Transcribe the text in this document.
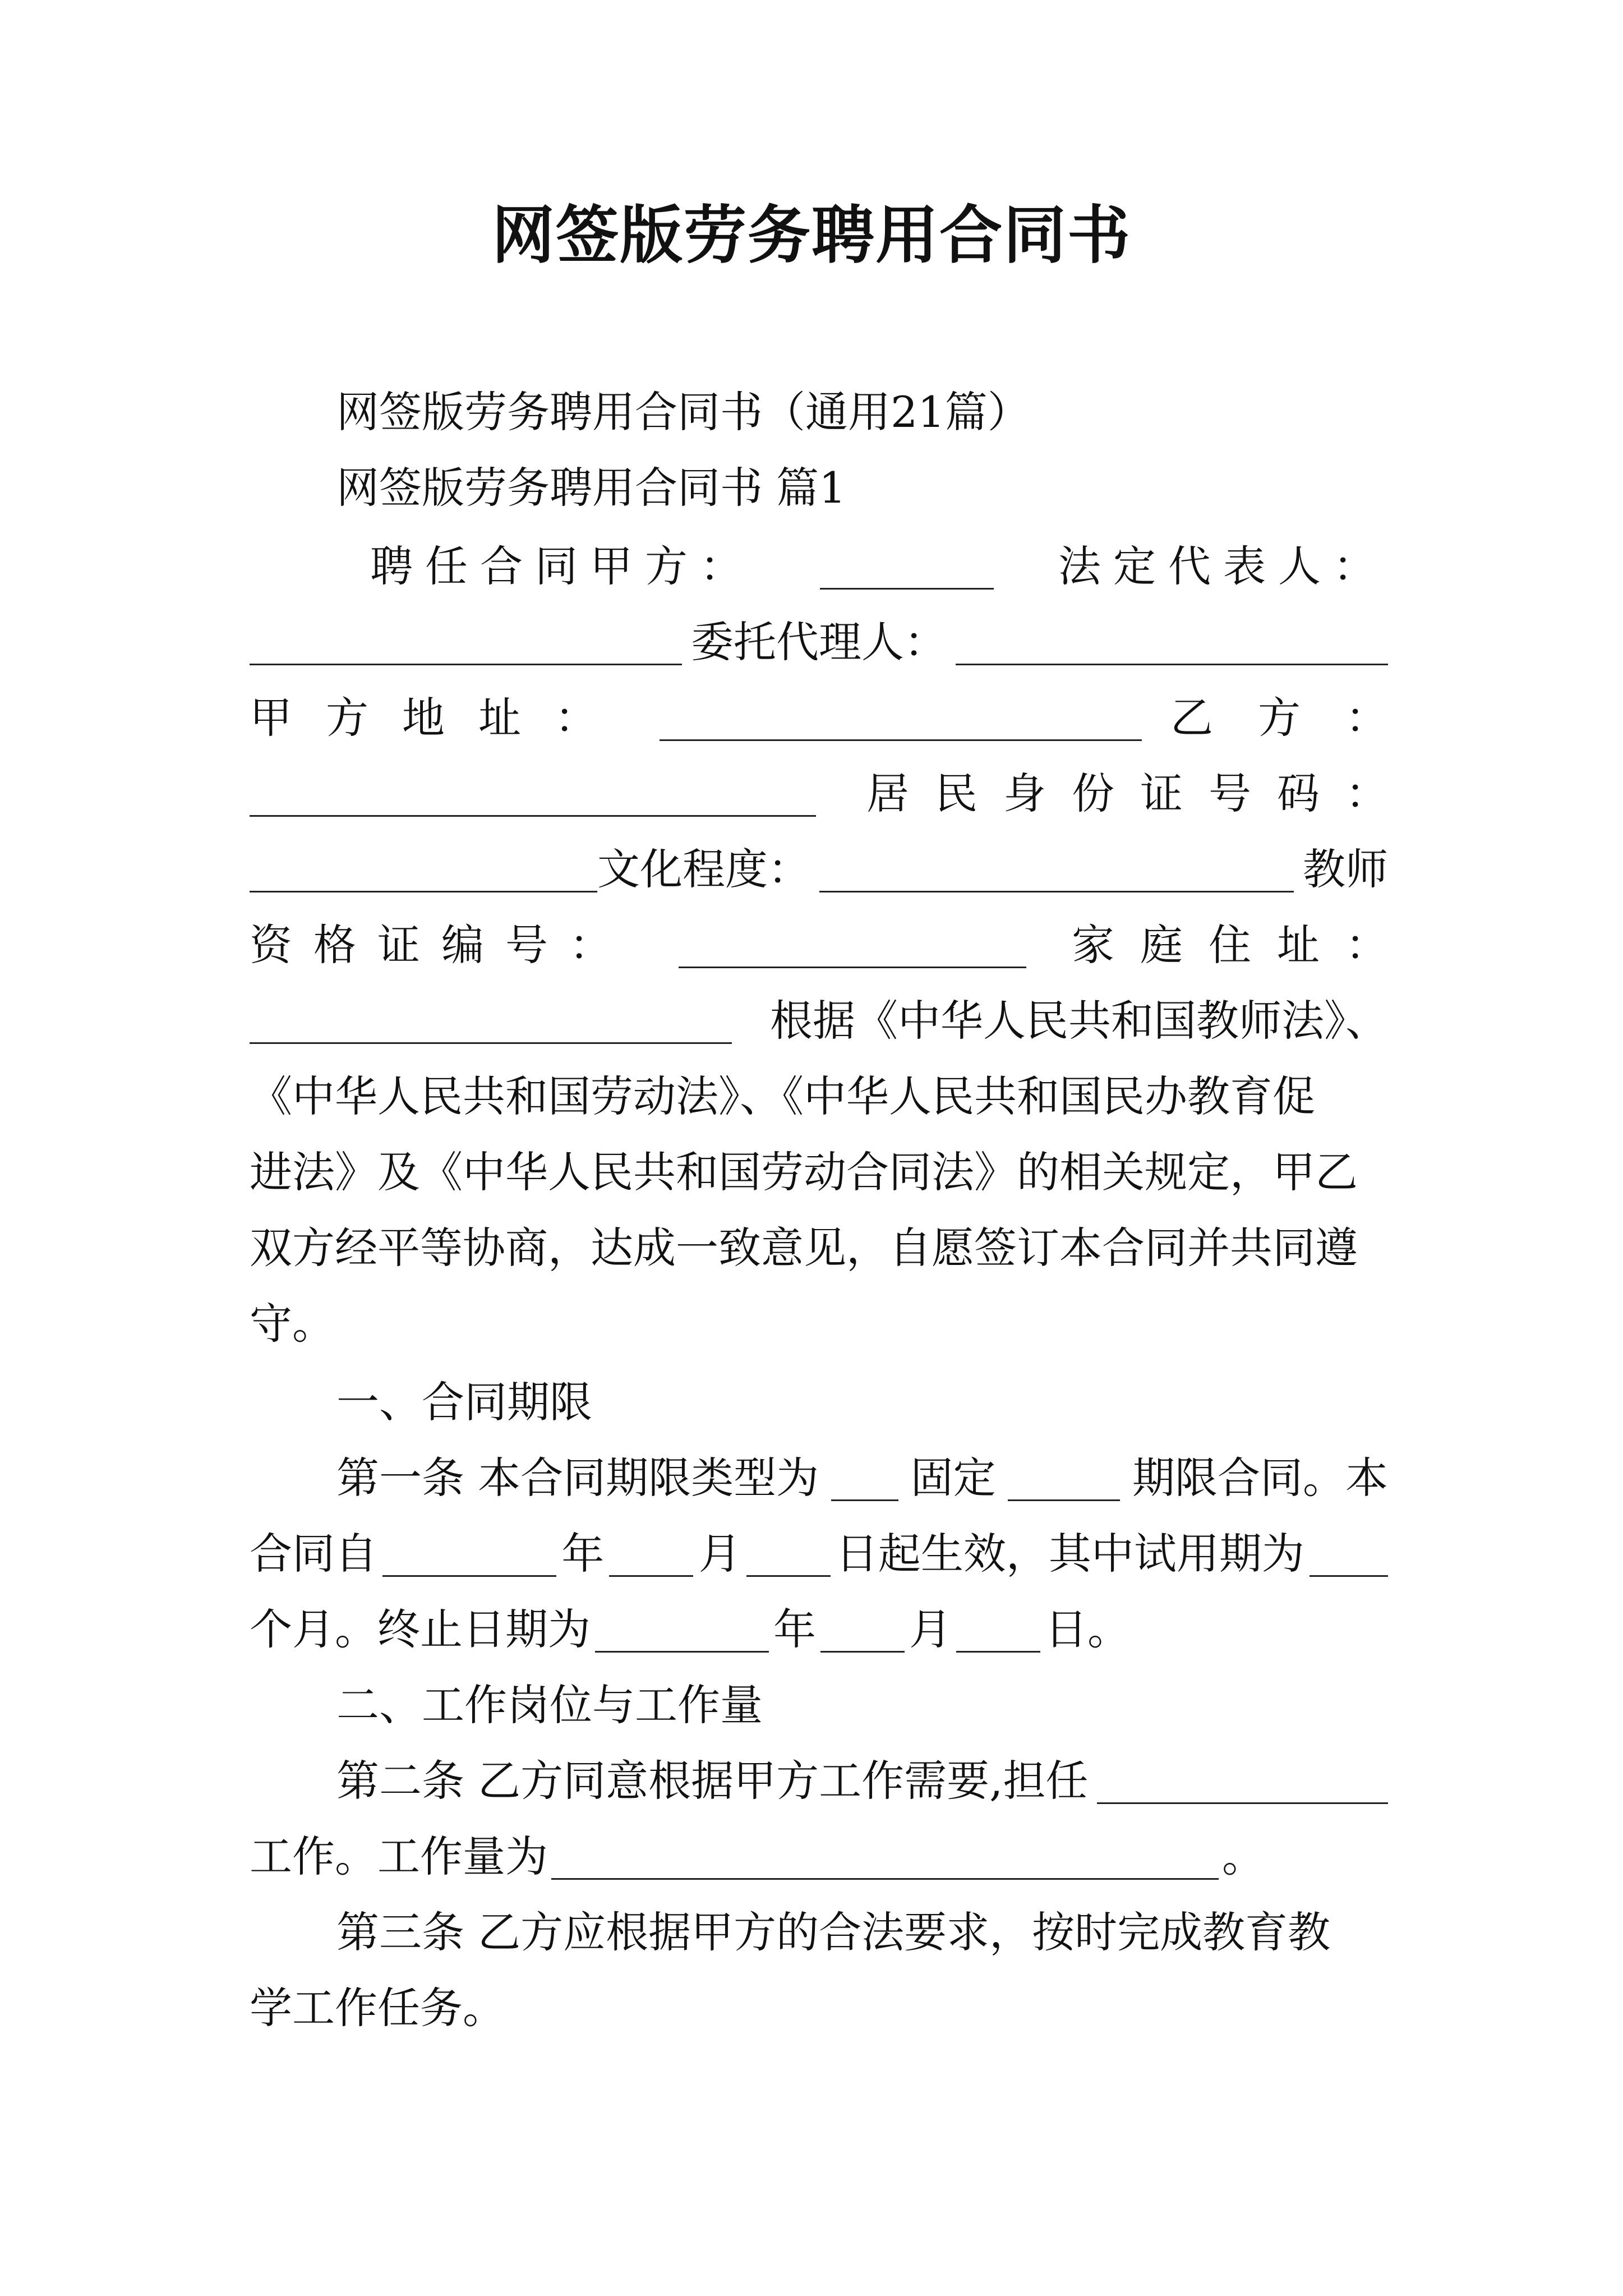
网签版劳务聘用合同书
网签版劳务聘用合同书（通用21篇）
网签版劳务聘用合同书 篇1
聘任合同甲方：	法定代表人：
委托代理人：
甲方地址：	乙方：
居民身份证号码：
文化程度：	教师
资格证编号：	家庭住址：
根据《中华人民共和国教师法》、
《中华人民共和国劳动法》、《中华人民共和国民办教育促
进法》及《中华人民共和国劳动合同法》的相关规定，甲乙
双方经平等协商，达成一致意见，自愿签订本合同并共同遵
守。
一、合同期限
第一条 本合同期限类型为 固定	期限合同。本
合同自	年 月 日起生效，其中试用期为
个月。终止日期为	年 月 日。
二、工作岗位与工作量
第二条 乙方同意根据甲方工作需要,担任
工作。工作量为	。
第三条 乙方应根据甲方的合法要求，按时完成教育教
学工作任务。
